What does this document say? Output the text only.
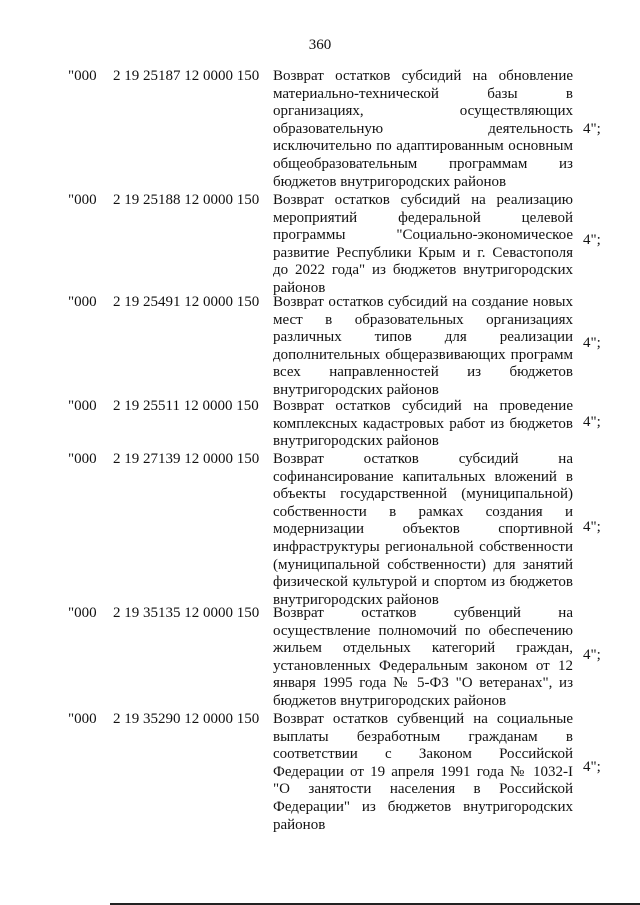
360
"000 2 19 25187 12 0000 150 Возврат остатков субсидий на обновление материально-технической базы в организациях, осуществляющих образовательную деятельность исключительно по адаптированным основным общеобразовательным программам из бюджетов внутригородских районов
4";
"000 2 19 25188 12 0000 150 Возврат остатков субсидий на реализацию мероприятий федеральной целевой программы "Социально-экономическое развитие Республики Крым и г. Севастополя до 2022 года" из бюджетов внутригородских районов
4";
"000 2 19 25491 12 0000 150 Возврат остатков субсидий на создание новых мест в образовательных организациях различных типов для реализации дополнительных общеразвивающих программ всех направленностей из бюджетов внутригородских районов
4";
"000 2 19 25511 12 0000 150 Возврат остатков субсидий на проведение комплексных кадастровых работ из бюджетов внутригородских районов
4";
"000 2 19 27139 12 0000 150 Возврат остатков субсидий на софинансирование капитальных вложений в объекты государственной (муниципальной) собственности в рамках создания и модернизации объектов спортивной инфраструктуры региональной собственности (муниципальной собственности) для занятий физической культурой и спортом из бюджетов внутригородских районов
4";
"000 2 19 35135 12 0000 150 Возврат остатков субвенций на осуществление полномочий по обеспечению жильем отдельных категорий граждан, установленных Федеральным законом от 12 января 1995 года № 5-ФЗ "О ветеранах", из бюджетов внутригородских районов
4";
"000 2 19 35290 12 0000 150 Возврат остатков субвенций на социальные выплаты безработным гражданам в соответствии с Законом Российской Федерации от 19 апреля 1991 года № 1032-I "О занятости населения в Российской Федерации" из бюджетов внутригородских районов
4";
